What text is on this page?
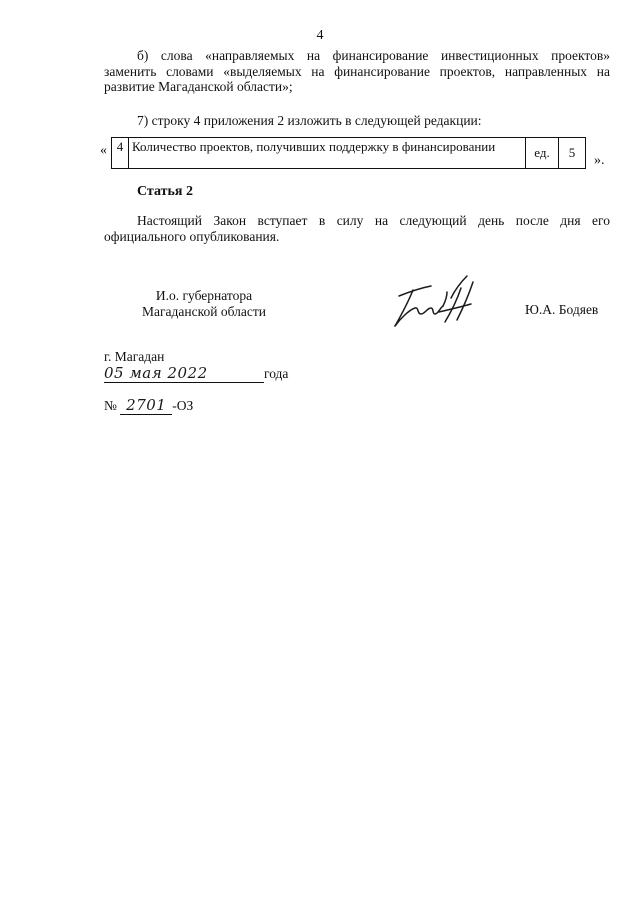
4
б) слова «направляемых на финансирование инвестиционных проектов» заменить словами «выделяемых на финансирование проектов, направленных на развитие Магаданской области»;
7) строку 4 приложения 2 изложить в следующей редакции:
« 4	Количество проектов, получивших поддержку в финансировании	ед.	5
».
Статья 2
Настоящий Закон вступает в силу на следующий день после дня его официального опубликования.
И.о. губернатора
Магаданской области	Ю.А. Бодяев
г. Магадан
05 мая 2022	года
№ 2701 -ОЗ
